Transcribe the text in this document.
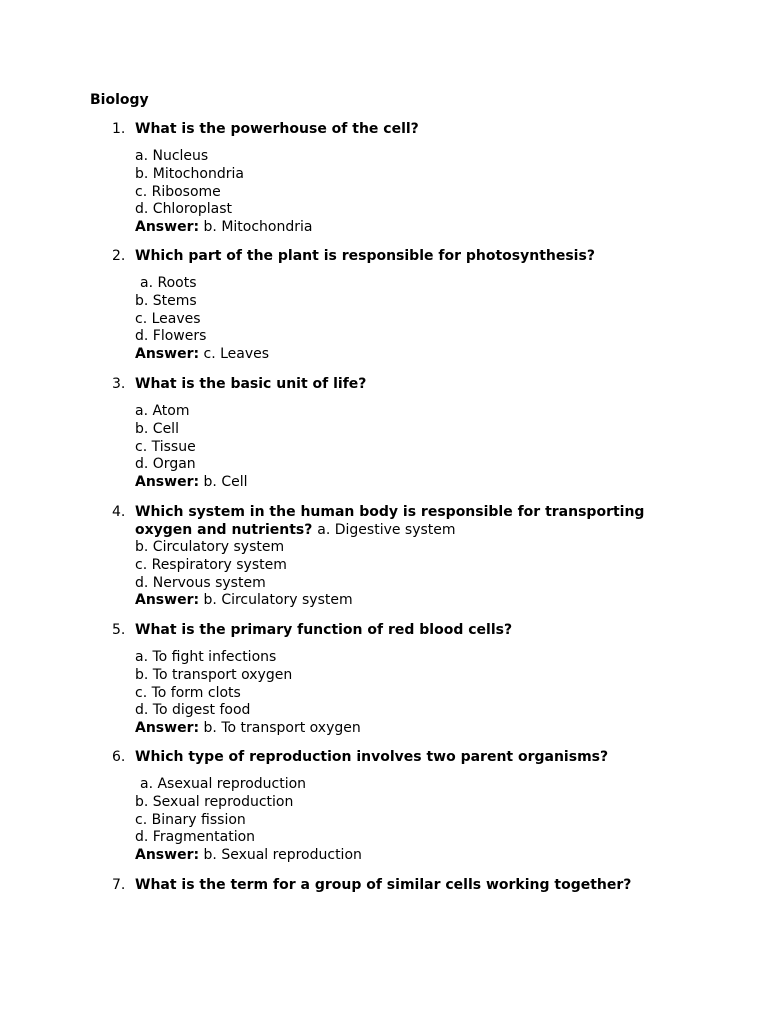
Biology
1. What is the powerhouse of the cell?
a. Nucleus
b. Mitochondria
c. Ribosome
d. Chloroplast
Answer: b. Mitochondria
2. Which part of the plant is responsible for photosynthesis?
a. Roots
b. Stems
c. Leaves
d. Flowers
Answer: c. Leaves
3. What is the basic unit of life?
a. Atom
b. Cell
c. Tissue
d. Organ
Answer: b. Cell
4. Which system in the human body is responsible for transporting oxygen and nutrients? a. Digestive system
b. Circulatory system
c. Respiratory system
d. Nervous system
Answer: b. Circulatory system
5. What is the primary function of red blood cells?
a. To fight infections
b. To transport oxygen
c. To form clots
d. To digest food
Answer: b. To transport oxygen
6. Which type of reproduction involves two parent organisms?
a. Asexual reproduction
b. Sexual reproduction
c. Binary fission
d. Fragmentation
Answer: b. Sexual reproduction
7. What is the term for a group of similar cells working together?
